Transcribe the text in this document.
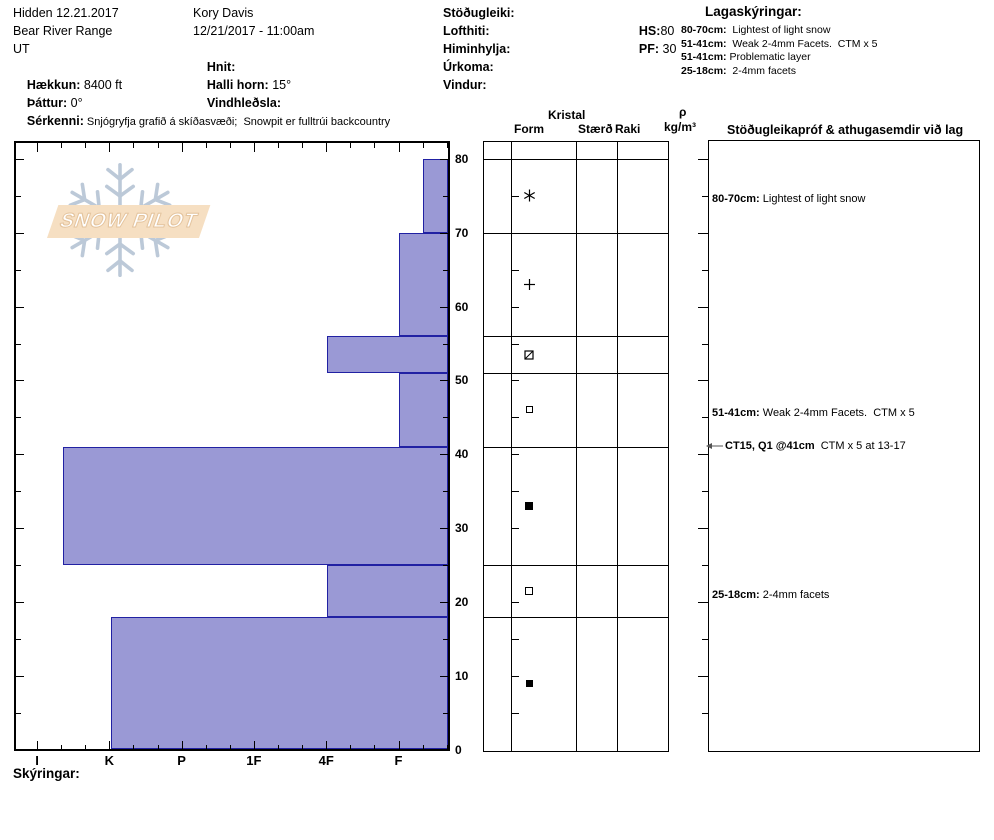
Hidden 12.21.2017
Bear River Range
UT

Hækkun: 8400 ft

Þáttur: 0°

Sérkenni: Snjógryfja grafið á skíðasvæði;  Snowpit er fulltrúi backcountry

Kory Davis
12/21/2017 - 11:00am

Hnit:

Halli horn: 15°

Vindhleðsla:

Stöðugleiki:
Lofthiti:
Himinhylja:
Úrkoma:
Vindur:

HS:80

PF: 30

Lagaskýringar:
80-70cm:  Lightest of light snow
51-41cm:  Weak 2-4mm Facets.  CTM x 5
51-41cm: Problematic layer
25-18cm:  2-4mm facets
SNOW PILOT
80
70
60
50
40
30
20
10
0
I	K	P	1F	4F	F
80-70cm: Lightest of light snow
51-41cm: Weak 2-4mm Facets.  CTM x 5
CT15, Q1 @41cm CTM x 5 at 13-17
25-18cm: 2-4mm facets
Kristal
Form	Stærð Raki
ρ
kg/m³ Stöðugleikapróf & athugasemdir við lag
Skýringar:
